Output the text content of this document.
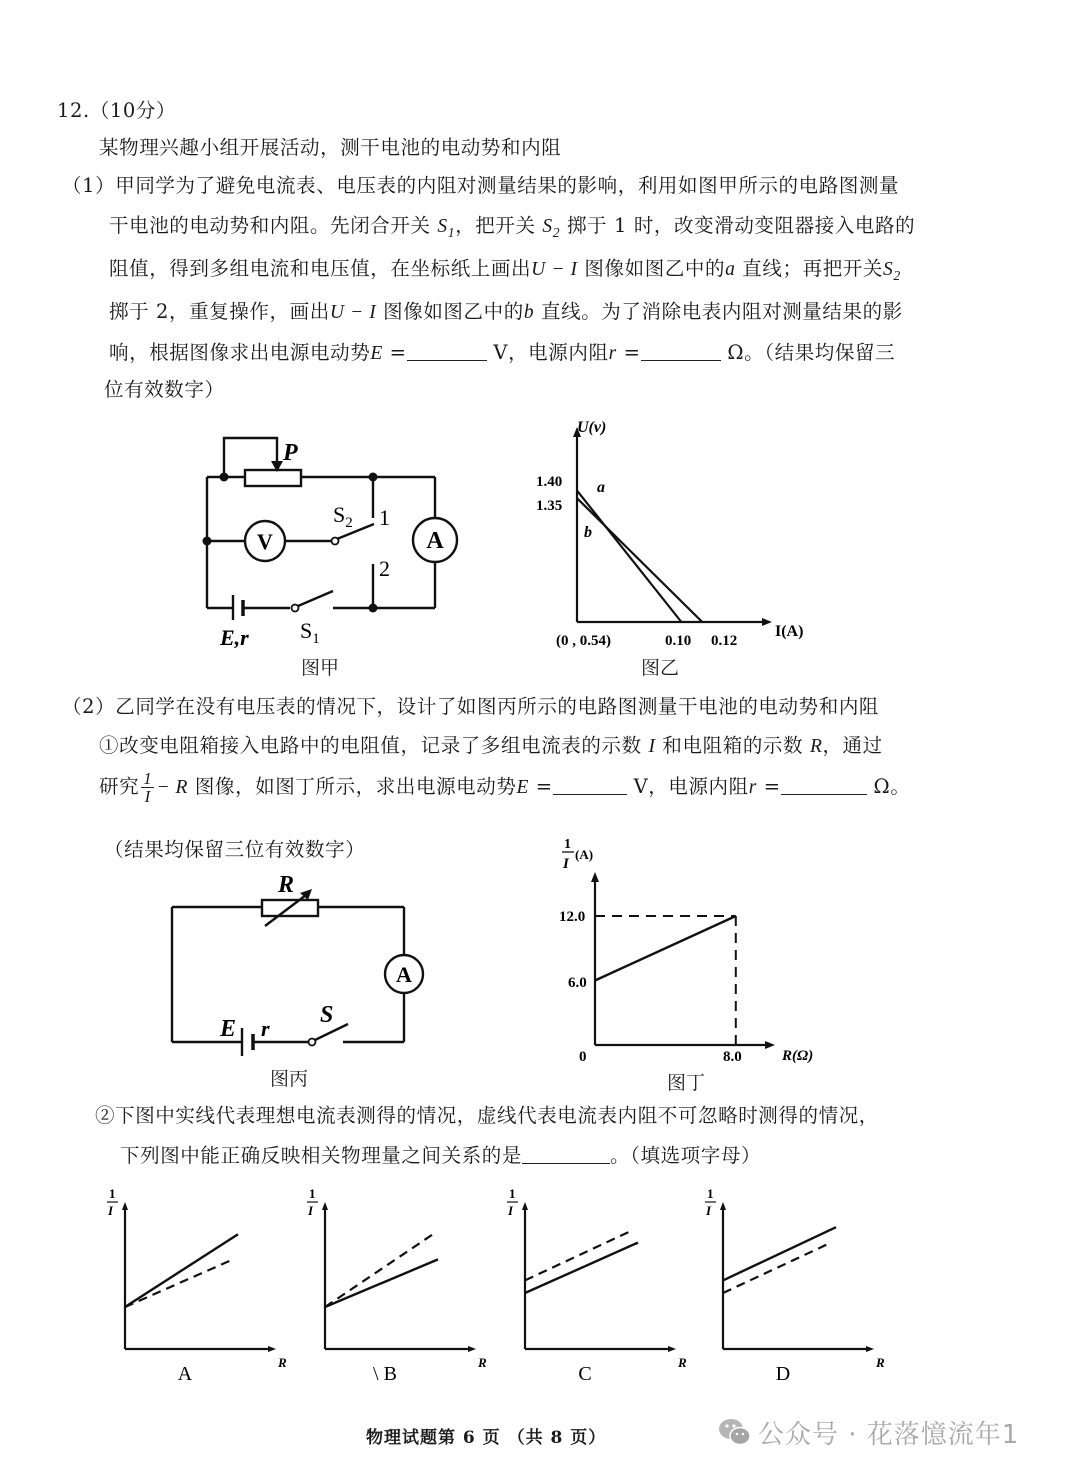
12.（10分）
某物理兴趣小组开展活动，测干电池的电动势和内阻
（1）甲同学为了避免电流表、电压表的内阻对测量结果的影响，利用如图甲所示的电路图测量
干电池的电动势和内阻。先闭合开关 $S_1$，把开关 $S_2$ 掷于 1 时，改变滑动变阻器接入电路的
阻值，得到多组电流和电压值，在坐标纸上画出U − I 图像如图乙中的a 直线；再把开关$S_2$
掷于 2，重复操作，画出U − I 图像如图乙中的b 直线。为了消除电表内阻对测量结果的影
响，根据图像求出电源电动势E =	V，电源内阻r =	Ω。（结果均保留三
位有效数字）
P
V	A
$S_2$ 1
2
$S_1$
E,r
图甲
U(v)
I(A)
1.40
1.35
(0 , 0.54)	0.10 0.12
a
b
图乙
（2）乙同学在没有电压表的情况下，设计了如图丙所示的电路图测量干电池的电动势和内阻
①改变电阻箱接入电路中的电阻值，记录了多组电流表的示数 I 和电阻箱的示数 R，通过
研究 $\frac{1}{I} - R$ 图像，如图丁所示，求出电源电动势E =	V，电源内阻r =	Ω。
（结果均保留三位有效数字）
R
A
E r
S
图丙
1
I
(A)
12.0
6.0
0	8.0	R(Ω)
图丁
②下图中实线代表理想电流表测得的情况，虚线代表电流表内阻不可忽略时测得的情况，
下列图中能正确反映相关物理量之间关系的是	。（填选项字母）
1
I
R
A
1
I
R
\ B
1
I
R
C
1
I
R
D
物理试题第 6 页 （共 8 页）	公众号 · 花落憶流年1
